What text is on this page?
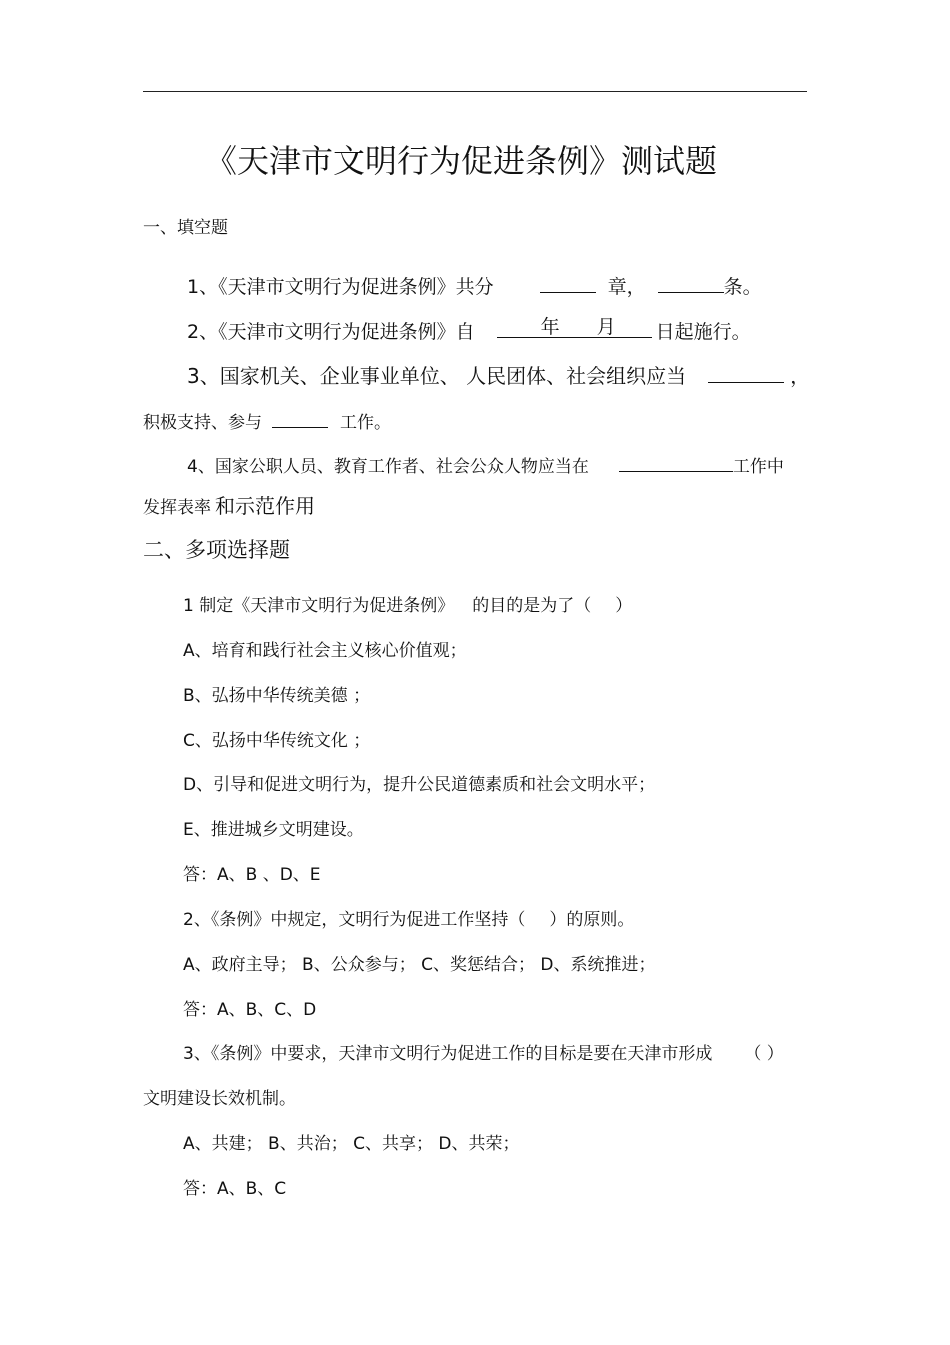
《天津市文明行为促进条例》测试题
一、填空题
1、《天津市文明行为促进条例》共分	章，	条。
2、《天津市文明行为促进条例》自	年 月 日起施行。
3、国家机关、企业事业单位、 人民团体、社会组织应当	，
积极支持、参与	工作。
4、国家公职人员、教育工作者、社会公众人物应当在	工作中
发挥表率 和示范作用
二、多项选择题
1 制定《天津市文明行为促进条例》 的目的是为了（ ）
A、培育和践行社会主义核心价值观；
B、弘扬中华传统美德 ；
C、弘扬中华传统文化 ；
D、引导和促进文明行为，提升公民道德素质和社会文明水平；
E、推进城乡文明建设。
答：A、B 、D、E
2、《条例》中规定，文明行为促进工作坚持（ ）的原则。
A、政府主导； B、公众参与； C、奖惩结合； D、系统推进；
答：A、B、C、D
3、《条例》中要求，天津市文明行为促进工作的目标是要在天津市形成 （ ）
文明建设长效机制。
A、共建； B、共治； C、共享； D、共荣；
答：A、B、C
